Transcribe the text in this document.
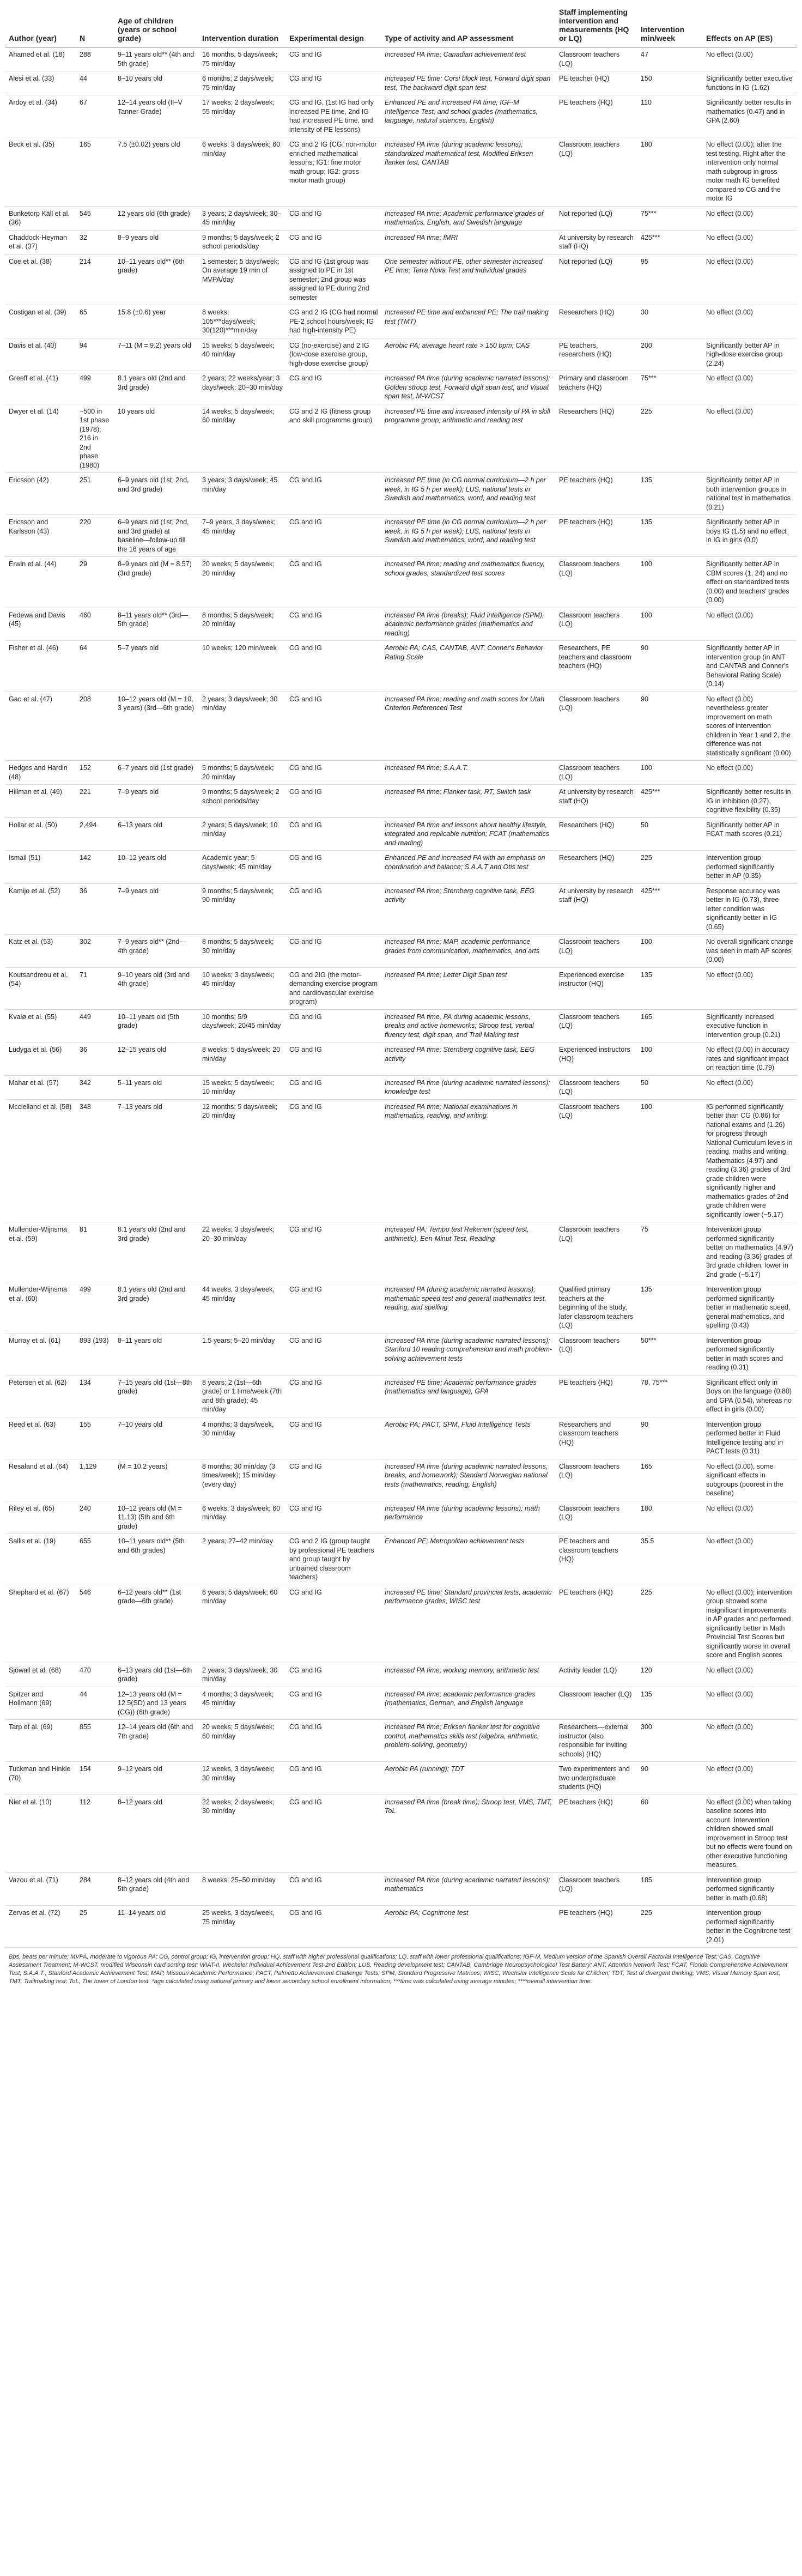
Author (year)	N	Age of children (years or school grade)	Intervention duration	Experimental design	Type of activity and AP assessment	Staff implementing intervention and measurements (HQ or LQ)	Intervention min/week	Effects on AP (ES)
Ahamed et al. (18)	288	9–11 years old** (4th and 5th grade)	16 months, 5 days/week; 75 min/day	CG and IG	Increased PA time; Canadian achievement test	Classroom teachers (LQ)	47	No effect (0.00)
Alesi et al. (33)	44	8–10 years old	6 months; 2 days/week; 75 min/day	CG and IG	Increased PE time; Corsi block test, Forward digit span test, The backward digit span test	PE teacher (HQ)	150	Significantly better executive functions in IG (1.62)
Ardoy et al. (34)	67	12–14 years old (II–V Tanner Grade)	17 weeks; 2 days/week; 55 min/day	CG and IG, (1st IG had only increased PE time, 2nd IG had increased PE time, and intensity of PE lessons)	Enhanced PE and increased PA time; IGF-M Intelligence Test, and school grades (mathematics, language, natural sciences, English)	PE teachers (HQ)	110	Significantly better results in mathematics (0.47) and in GPA (2.60)
Beck et al. (35)	165	7.5 (±0.02) years old	6 weeks; 3 days/week; 60 min/day	CG and 2 IG (CG: non-motor enriched mathematical lessons; IG1: fine motor math group; IG2: gross motor math group)	Increased PA time (during academic lessons); standardized mathematical test, Modified Eriksen flanker test, CANTAB	Classroom teachers (LQ)	180	No effect (0.00); after the test testing, Right after the intervention only normal math subgroup in gross motor math IG benefited compared to CG and the motor IG
Bunketorp Käll et al. (36)	545	12 years old (6th grade)	3 years; 2 days/week; 30–45 min/day	CG and IG	Increased PA time; Academic performance grades of mathematics, English, and Swedish language	Not reported (LQ)	75***	No effect (0.00)
Chaddock-Heyman et al. (37)	32	8–9 years old	9 months; 5 days/week; 2 school periods/day	CG and IG	Increased PA time; fMRI	At university by research staff (HQ)	425***	No effect (0.00)
Coe et al. (38)	214	10–11 years old** (6th grade)	1 semester; 5 days/week; On average 19 min of MVPA/day	CG and IG (1st group was assigned to PE in 1st semester; 2nd group was assigned to PE during 2nd semester	One semester without PE, other semester increased PE time; Terra Nova Test and individual grades	Not reported (LQ)	95	No effect (0.00)
Costigan et al. (39)	65	15.8 (±0.6) year	8 weeks; 105***days/week; 30(120)***min/day	CG and 2 IG (CG had normal PE-2 school hours/week; IG had high-intensity PE)	Increased PE time and enhanced PE; The trail making test (TMT)	Researchers (HQ)	30	No effect (0.00)
Davis et al. (40)	94	7–11 (M = 9.2) years old	15 weeks; 5 days/week; 40 min/day	CG (no-exercise) and 2 IG (low-dose exercise group, high-dose exercise group)	Aerobic PA; average heart rate > 150 bpm; CAS	PE teachers, researchers (HQ)	200	Significantly better AP in high-dose exercise group (2.24)
Greeff et al. (41)	499	8.1 years old (2nd and 3rd grade)	2 years; 22 weeks/year; 3 days/week; 20–30 min/day	CG and IG	Increased PA time (during academic narrated lessons); Golden stroop test, Forward digit span test, and Visual span test, M-WCST	Primary and classroom teachers (HQ)	75***	No effect (0.00)
Dwyer et al. (14)	~500 in 1st phase (1978); 216 in 2nd phase (1980)	10 years old	14 weeks; 5 days/week; 60 min/day	CG and 2 IG (fitness group and skill programme group)	Increased PE time and increased intensity of PA in skill programme group; arithmetic and reading test	Researchers (HQ)	225	No effect (0.00)
Ericsson (42)	251	6–9 years old (1st, 2nd, and 3rd grade)	3 years; 3 days/week; 45 min/day	CG and IG	Increased PE time (in CG normal curriculum—2 h per week, in IG 5 h per week); LUS, national tests in Swedish and mathematics, word, and reading test	PE teachers (HQ)	135	Significantly better AP in both intervention groups in national test in mathematics (0.21)
Ericsson and Karlsson (43)	220	6–9 years old (1st, 2nd, and 3rd grade) at baseline—follow-up till the 16 years of age	7–9 years, 3 days/week; 45 min/day	CG and IG	Increased PE time (in CG normal curriculum—2 h per week, in IG 5 h per week); LUS, national tests in Swedish and mathematics, word, and reading test	PE teachers (HQ)	135	Significantly better AP in boys IG (1.5) and no effect in IG in girls (0.0)
Erwin et al. (44)	29	8–9 years old (M = 8.57) (3rd grade)	20 weeks; 5 days/week; 20 min/day	CG and IG	Increased PA time; reading and mathematics fluency, school grades, standardized test scores	Classroom teachers (LQ)	100	Significantly better AP in CBM scores (1, 24) and no effect on standardized tests (0.00) and teachers' grades (0.00)
Fedewa and Davis (45)	460	8–11 years old** (3rd—5th grade)	8 months; 5 days/week; 20 min/day	CG and IG	Increased PA time (breaks); Fluid intelligence (SPM), academic performance grades (mathematics and reading)	Classroom teachers (LQ)	100	No effect (0.00)
Fisher et al. (46)	64	5–7 years old	10 weeks; 120 min/week	CG and IG	Aerobic PA; CAS, CANTAB, ANT, Conner's Behavior Rating Scale	Researchers, PE teachers and classroom teachers (HQ)	90	Significantly better AP in intervention group (in ANT and CANTAB and Conner's Behavioral Rating Scale) (0.14)
Gao et al. (47)	208	10–12 years old (M = 10, 3 years) (3rd—6th grade)	2 years; 3 days/week; 30 min/day	CG and IG	Increased PA time; reading and math scores for Utah Criterion Referenced Test	Classroom teachers (LQ)	90	No effect (0.00) nevertheless greater improvement on math scores of intervention children in Year 1 and 2, the difference was not statistically significant (0.00)
Hedges and Hardin (48)	152	6–7 years old (1st grade)	5 months; 5 days/week; 20 min/day	CG and IG	Increased PA time; S.A.A.T.	Classroom teachers (LQ)	100	No effect (0.00)
Hillman et al. (49)	221	7–9 years old	9 months; 5 days/week; 2 school periods/day	CG and IG	Increased PA time; Flanker task, RT, Switch task	At university by research staff (HQ)	425***	Significantly better results in IG in inhibition (0.27), cognitive flexibility (0.35)
Hollar et al. (50)	2,494	6–13 years old	2 years; 5 days/week; 10 min/day	CG and IG	Increased PA time and lessons about healthy lifestyle, integrated and replicable nutrition; FCAT (mathematics and reading)	Researchers (HQ)	50	Significantly better AP in FCAT math scores (0.21)
Ismail (51)	142	10–12 years old	Academic year; 5 days/week; 45 min/day	CG and IG	Enhanced PE and increased PA with an emphasis on coordination and balance; S.A.A.T and Otis test	Researchers (HQ)	225	Intervention group performed significantly better in AP (0.35)
Kamijo et al. (52)	36	7–9 years old	9 months; 5 days/week; 90 min/day	CG and IG	Increased PA time; Sternberg cognitive task, EEG activity	At university by research staff (HQ)	425***	Response accuracy was better in IG (0.73), three letter condition was significantly better in IG (0.65)
Katz et al. (53)	302	7–9 years old** (2nd—4th grade)	8 months; 5 days/week; 30 min/day	CG and IG	Increased PA time; MAP, academic performance grades from communication, mathematics, and arts	Classroom teachers (LQ)	100	No overall significant change was seen in math AP scores (0.00)
Koutsandreou et al. (54)	71	9–10 years old (3rd and 4th grade)	10 weeks; 3 days/week; 45 min/day	CG and 2IG (the motor-demanding exercise program and cardiovascular exercise program)	Increased PA time; Letter Digit Span test	Experienced exercise instructor (HQ)	135	No effect (0.00)
Kvalø et al. (55)	449	10–11 years old (5th grade)	10 months; 5/9 days/week; 20/45 min/day	CG and IG	Increased PA time, PA during academic lessons, breaks and active homeworks; Stroop test, verbal fluency test, digit span, and Trail Making test	Classroom teachers (LQ)	165	Significantly increased executive function in intervention group (0.21)
Ludyga et al. (56)	36	12–15 years old	8 weeks; 5 days/week; 20 min/day	CG and IG	Increased PA time; Sternberg cognitive task, EEG activity	Experienced instructors (HQ)	100	No effect (0.00) in accuracy rates and significant impact on reaction time (0.79)
Mahar et al. (57)	342	5–11 years old	15 weeks; 5 days/week; 10 min/day	CG and IG	Increased PA time (during academic narrated lessons); knowledge test	Classroom teachers (LQ)	50	No effect (0.00)
Mcclelland et al. (58)	348	7–13 years old	12 months; 5 days/week; 20 min/day	CG and IG	Increased PA time; National examinations in mathematics, reading, and writing.	Classroom teachers (LQ)	100	IG performed significantly better than CG (0.86) for national exams and (1.26) for progress through National Curriculum levels in reading, maths and writing, Mathematics (4.97) and reading (3.36) grades of 3rd grade children were significantly higher and mathematics grades of 2nd grade children were significantly lower (−5.17)
Mullender-Wijnsma et al. (59)	81	8.1 years old (2nd and 3rd grade)	22 weeks; 3 days/week; 20–30 min/day	CG and IG	Increased PA; Tempo test Rekenen (speed test, arithmetic), Een-Minut Test, Reading	Classroom teachers (LQ)	75	Intervention group performed significantly better on mathematics (4.97) and reading (3.36) grades of 3rd grade children, lower in 2nd grade (−5.17)
Mullender-Wijnsma et al. (60)	499	8.1 years old (2nd and 3rd grade)	44 weeks, 3 days/week, 45 min/day	CG and IG	Increased PA (during academic narrated lessons); mathematic speed test and general mathematics test, reading, and spelling	Qualified primary teachers at the beginning of the study, later classroom teachers (LQ)	135	Intervention group performed significantly better in mathematic speed, general mathematics, and spelling (0.43)
Murray et al. (61)	893 (193)	8–11 years old	1.5 years; 5–20 min/day	CG and IG	Increased PA time (during academic narrated lessons); Stanford 10 reading comprehension and math problem-solving achievement tests	Classroom teachers (LQ)	50***	Intervention group performed significantly better in math scores and reading (0.31)
Petersen et al. (62)	134	7–15 years old (1st—8th grade)	8 years; 2 (1st—6th grade) or 1 time/week (7th and 8th grade); 45 min/day	CG and IG	Increased PE time; Academic performance grades (mathematics and language), GPA	PE teachers (HQ)	78, 75***	Significant effect only in Boys on the language (0.80) and GPA (0.54), whereas no effect in girls (0.00)
Reed et al. (63)	155	7–10 years old	4 months; 3 days/week, 30 min/day	CG and IG	Aerobic PA; PACT, SPM, Fluid Intelligence Tests	Researchers and classroom teachers (HQ)	90	Intervention group performed better in Fluid Intelligence testing and in PACT tests (0.31)
Resaland et al. (64)	1,129	(M = 10.2 years)	8 months; 30 min/day (3 times/week); 15 min/day (every day)	CG and IG	Increased PA time (during academic narrated lessons, breaks, and homework); Standard Norwegian national tests (mathematics, reading, English)	Classroom teachers (LQ)	165	No effect (0.00), some significant effects in subgroups (poorest in the baseline)
Riley et al. (65)	240	10–12 years old (M = 11.13) (5th and 6th grade)	6 weeks; 3 days/week; 60 min/day	CG and IG	Increased PA time (during academic lessons); math performance	Classroom teachers (LQ)	180	No effect (0.00)
Sallis et al. (19)	655	10–11 years old** (5th and 6th grades)	2 years; 27–42 min/day	CG and 2 IG (group taught by professional PE teachers and group taught by untrained classroom teachers)	Enhanced PE; Metropolitan achievement tests	PE teachers and classroom teachers (HQ)	35.5	No effect (0.00)
Shephard et al. (67)	546	6–12 years old** (1st grade—6th grade)	6 years; 5 days/week; 60 min/day	CG and IG	Increased PE time; Standard provincial tests, academic performance grades, WISC test	PE teachers (HQ)	225	No effect (0.00); intervention group showed some insignificant improvements in AP grades and performed significantly better in Math Provincial Test Scores but significantly worse in overall score and English scores
Sjöwall et al. (68)	470	6–13 years old (1st—6th grade)	2 years; 3 days/week; 30 min/day	CG and IG	Increased PA time; working memory, arithmetic test	Activity leader (LQ)	120	No effect (0.00)
Spitzer and Hollmann (69)	44	12–13 years old (M = 12.5(SD) and 13 years (CG)) (6th grade)	4 months; 3 days/week; 45 min/day	CG and IG	Increased PA time; academic performance grades (mathematics, German, and English language	Classroom teacher (LQ)	135	No effect (0.00)
Tarp et al. (69)	855	12–14 years old (6th and 7th grade)	20 weeks; 5 days/week; 60 min/day	CG and IG	Increased PA time; Eriksen flanker test for cognitive control, mathematics skills test (algebra, arithmetic, problem-solving, geometry)	Researchers—external instructor (also responsible for inviting schools) (HQ)	300	No effect (0.00)
Tuckman and Hinkle (70)	154	9–12 years old	12 weeks, 3 days/week; 30 min/day	CG and IG	Aerobic PA (running); TDT	Two experimenters and two undergraduate students (HQ)	90	No effect (0.00)
Niet et al. (10)	112	8–12 years old	22 weeks; 2 days/week; 30 min/day	CG and IG	Increased PA time (break time); Stroop test, VMS, TMT, ToL	PE teachers (HQ)	60	No effect (0.00) when taking baseline scores into account. Intervention children showed small improvement in Stroop test but no effects were found on other executive functioning measures.
Vazou et al. (71)	284	8–12 years old (4th and 5th grade)	8 weeks; 25–50 min/day	CG and IG	Increased PA time (during academic narrated lessons); mathematics	Classroom teachers (LQ)	185	Intervention group performed significantly better in math (0.68)
Zervas et al. (72)	25	11–14 years old	25 weeks, 3 days/week, 75 min/day	CG and IG	Aerobic PA; Cognitrone test	PE teachers (HQ)	225	Intervention group performed significantly better in the Cognitrone test (2.01)
Bps, beats per minute; MVPA, moderate to vigorous PA; CG, control group; IG, intervention group; HQ, staff with higher professional qualifications; LQ, staff with lower professional qualifications; IGF-M, Medium version of the Spanish Overall Factorial Intelligence Test; CAS, Cognitive Assessment Treatment; M-WCST, modified Wisconsin card sorting test; WIAT-II, Wechsler Individual Achievement Test-2nd Edition; LUS, Reading development test; CANTAB, Cambridge Neuropsychological Test Battery; ANT, Attention Network Test; FCAT, Florida Comprehensive Achievement Test; S.A.A.T., Stanford Academic Achievement Test; MAP, Missouri Academic Performance; PACT, Palmetto Achievement Challenge Tests; SPM, Standard Progressive Matrices; WISC, Wechsler Intelligence Scale for Children; TDT, Test of divergent thinking; VMS, Visual Memory Span test; TMT, Trailmaking test; ToL, The tower of London test. *age calculated using national primary and lower secondary school enrollment information; ***time was calculated using average minutes; ****overall intervention time.								
